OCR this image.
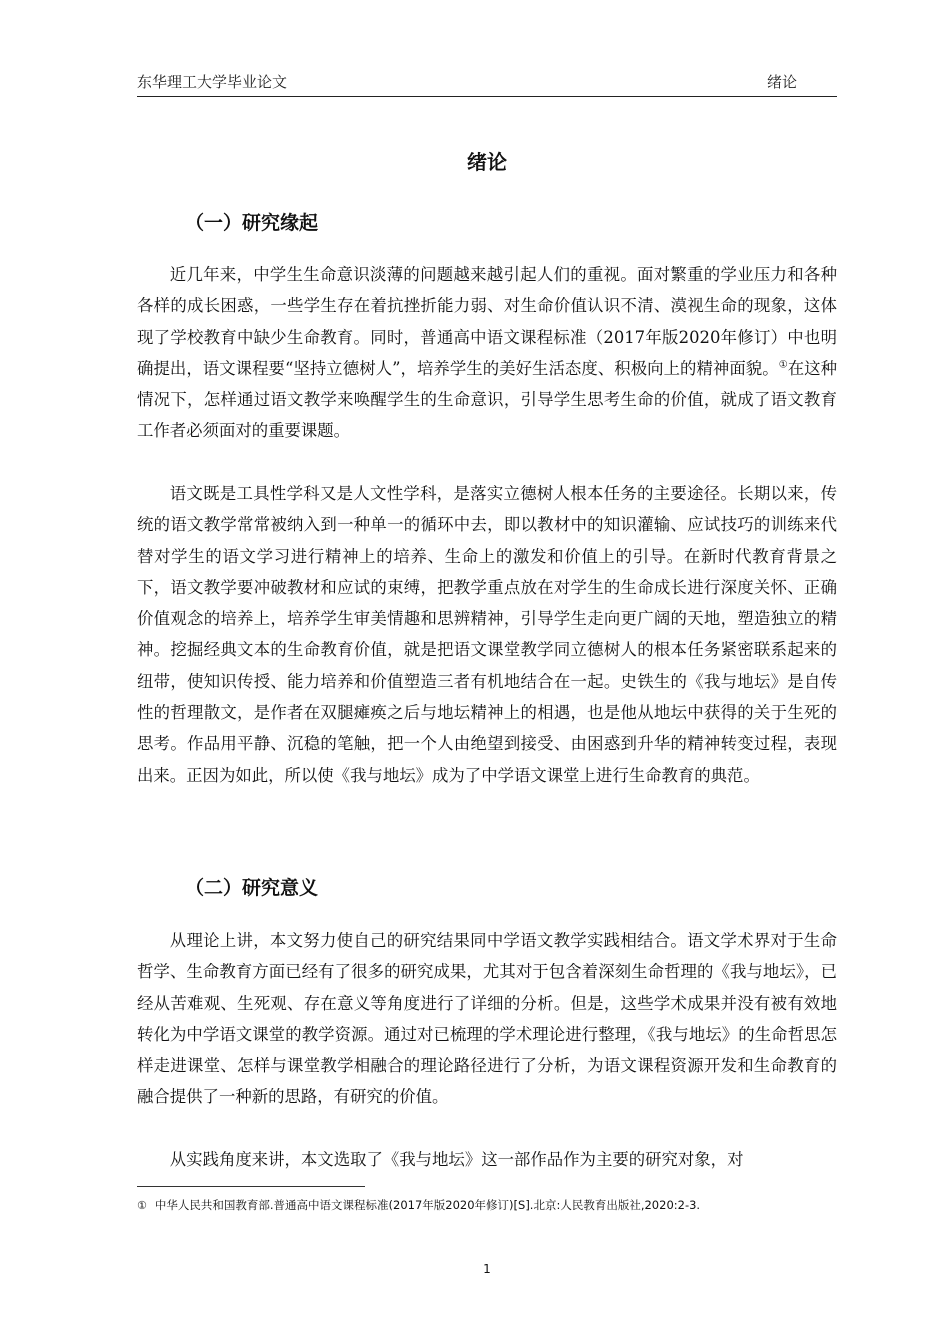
东华理工大学毕业论文	绪论
绪论
（一）研究缘起

近几年来，中学生生命意识淡薄的问题越来越引起人们的重视。面对繁重的学业压力和各种各样的成长困惑，一些学生存在着抗挫折能力弱、对生命价值认识不清、漠视生命的现象，这体现了学校教育中缺少生命教育。同时，普通高中语文课程标准（2017年版2020年修订）中也明确提出，语文课程要“坚持立德树人”，培养学生的美好生活态度、积极向上的精神面貌。①在这种情况下，怎样通过语文教学来唤醒学生的生命意识，引导学生思考生命的价值，就成了语文教育工作者必须面对的重要课题。

语文既是工具性学科又是人文性学科，是落实立德树人根本任务的主要途径。长期以来，传统的语文教学常常被纳入到一种单一的循环中去，即以教材中的知识灌输、应试技巧的训练来代替对学生的语文学习进行精神上的培养、生命上的激发和价值上的引导。在新时代教育背景之下，语文教学要冲破教材和应试的束缚，把教学重点放在对学生的生命成长进行深度关怀、正确价值观念的培养上，培养学生审美情趣和思辨精神，引导学生走向更广阔的天地，塑造独立的精神。挖掘经典文本的生命教育价值，就是把语文课堂教学同立德树人的根本任务紧密联系起来的纽带，使知识传授、能力培养和价值塑造三者有机地结合在一起。史铁生的《我与地坛》是自传性的哲理散文，是作者在双腿瘫痪之后与地坛精神上的相遇，也是他从地坛中获得的关于生死的思考。作品用平静、沉稳的笔触，把一个人由绝望到接受、由困惑到升华的精神转变过程，表现出来。正因为如此，所以使《我与地坛》成为了中学语文课堂上进行生命教育的典范。

（二）研究意义

从理论上讲，本文努力使自己的研究结果同中学语文教学实践相结合。语文学术界对于生命哲学、生命教育方面已经有了很多的研究成果，尤其对于包含着深刻生命哲理的《我与地坛》，已经从苦难观、生死观、存在意义等角度进行了详细的分析。但是，这些学术成果并没有被有效地转化为中学语文课堂的教学资源。通过对已梳理的学术理论进行整理，《我与地坛》的生命哲思怎样走进课堂、怎样与课堂教学相融合的理论路径进行了分析，为语文课程资源开发和生命教育的融合提供了一种新的思路，有研究的价值。

从实践角度来讲，本文选取了《我与地坛》这一部作品作为主要的研究对象，对

① 中华人民共和国教育部.普通高中语文课程标准(2017年版2020年修订)[S].北京:人民教育出版社,2020:2-3.
1
